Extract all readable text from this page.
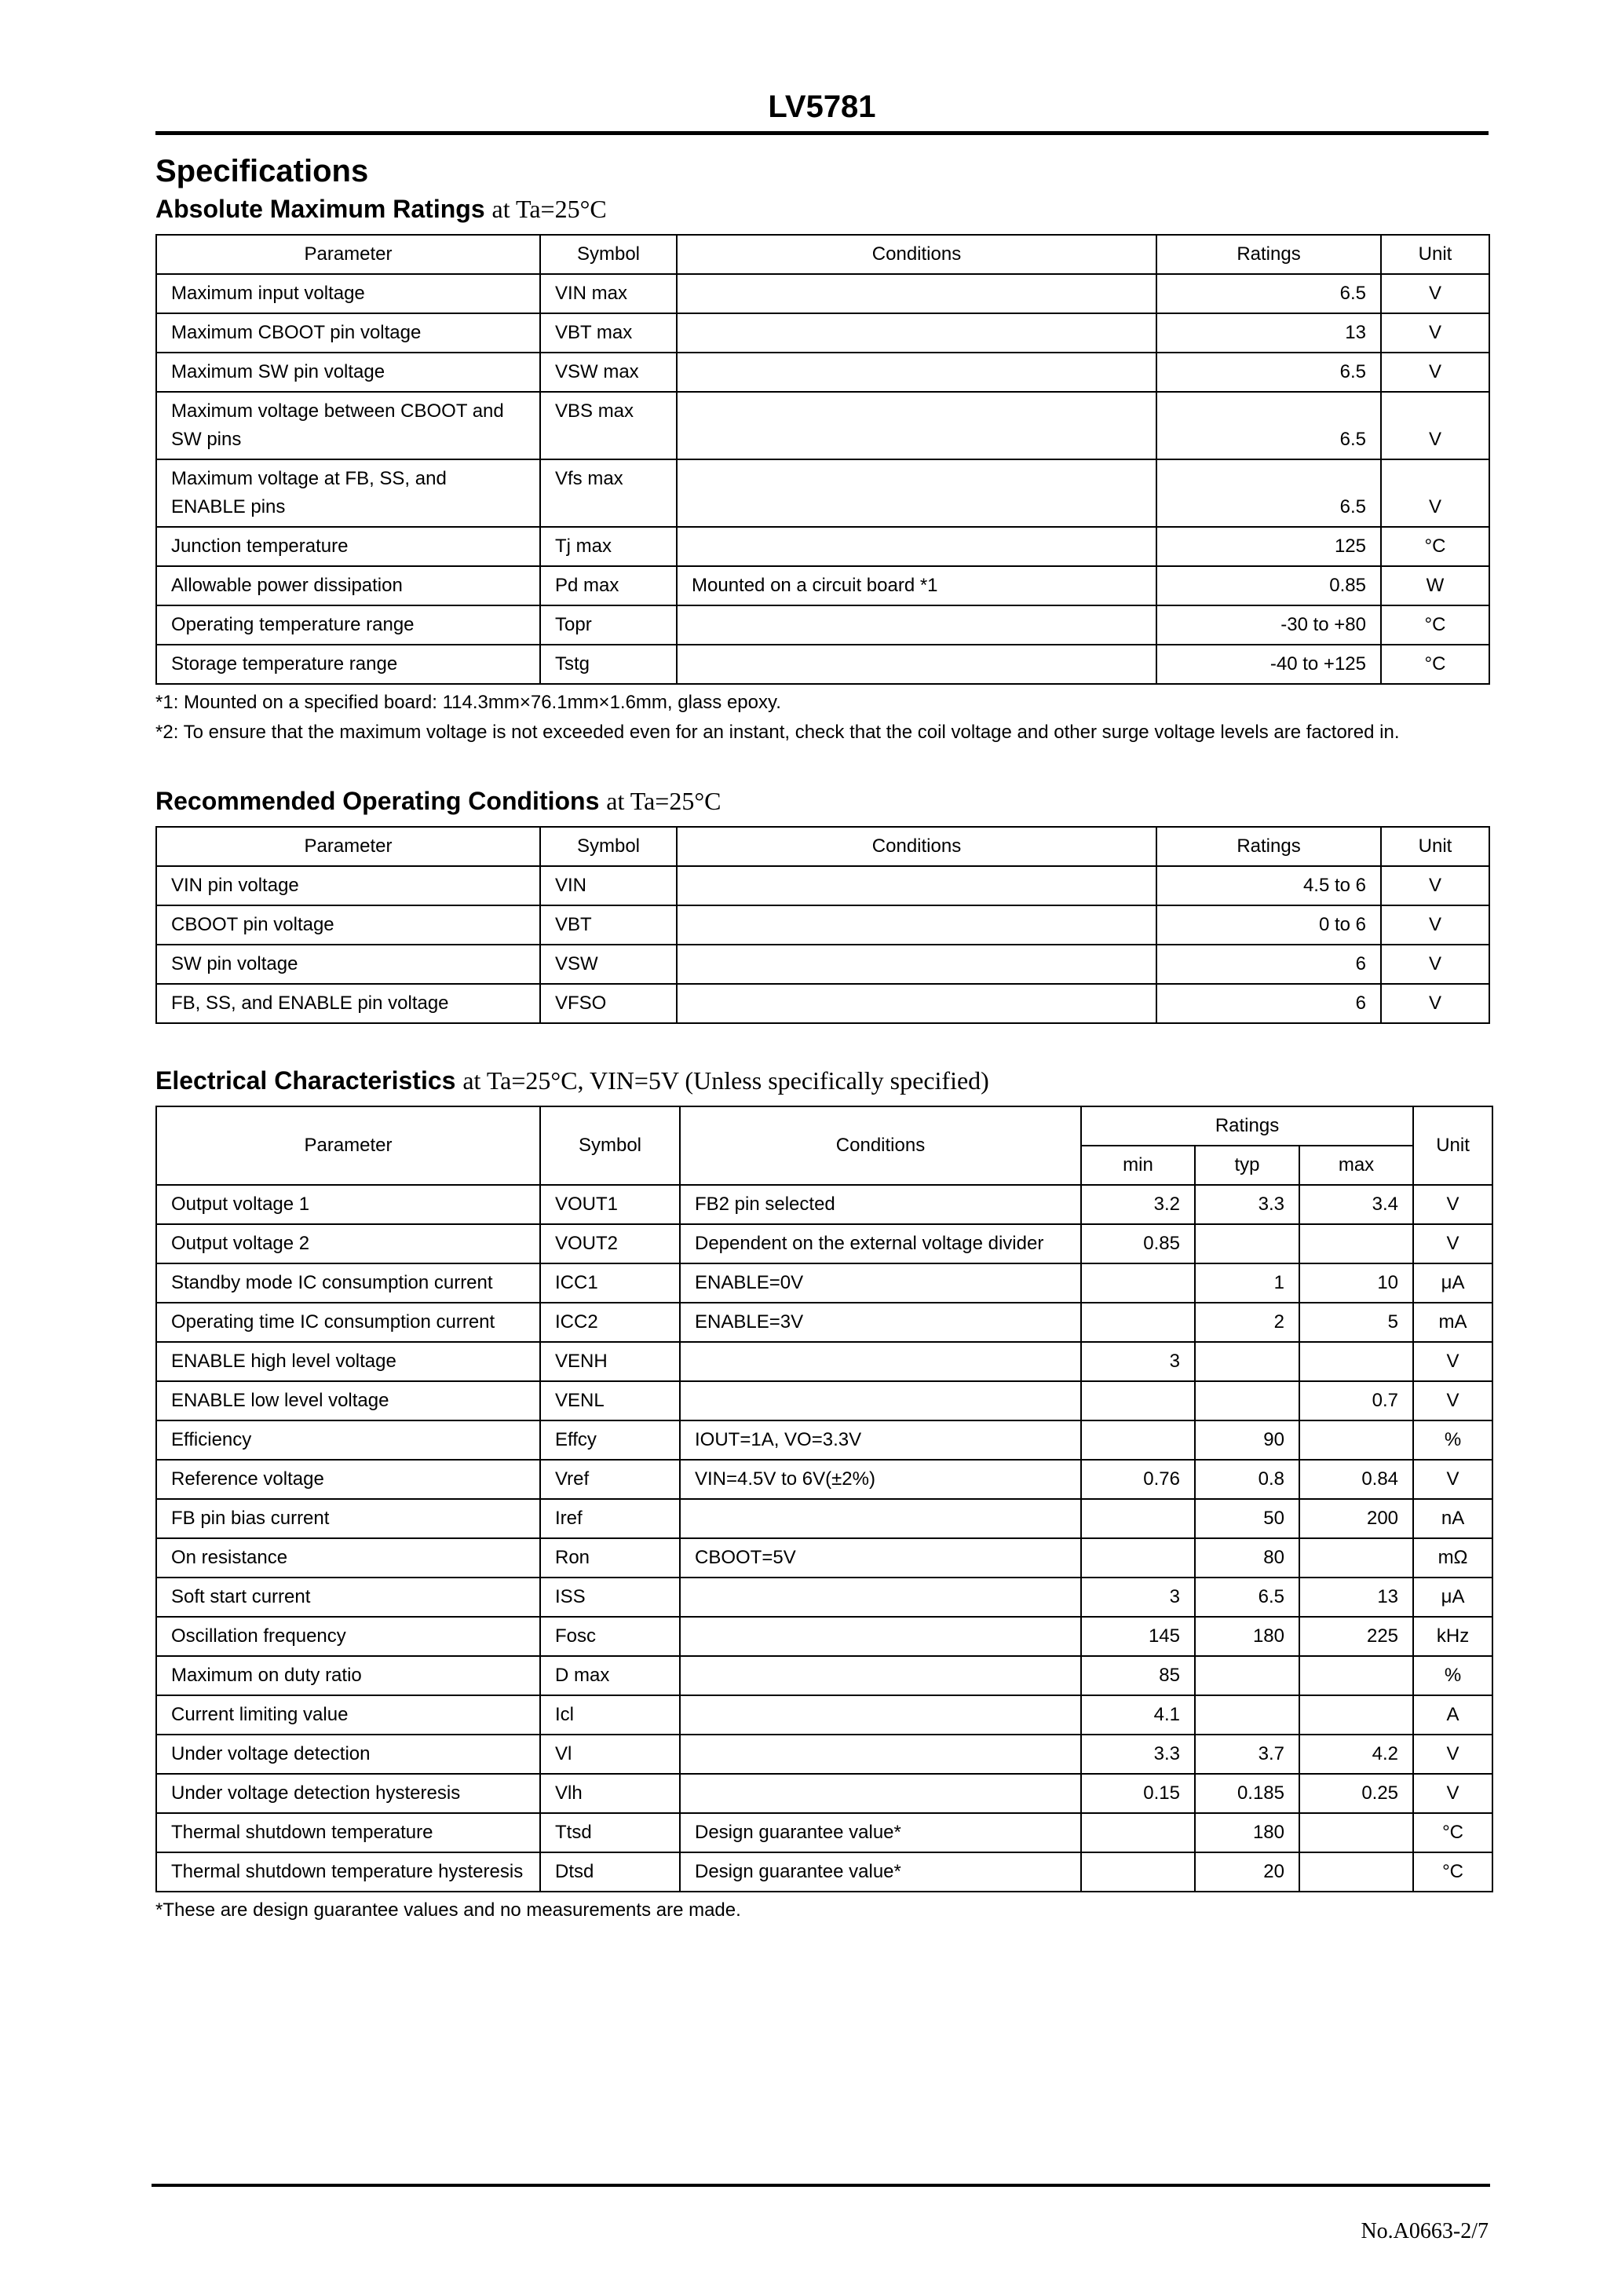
LV5781
Specifications
Absolute Maximum Ratings at Ta=25°C
Parameter	Symbol	Conditions	Ratings	Unit
Maximum input voltage	VIN max		6.5	V
Maximum CBOOT pin voltage	VBT max		13	V
Maximum SW pin voltage	VSW max		6.5	V
Maximum voltage between CBOOT and SW pins	VBS max		6.5	V
Maximum voltage at FB, SS, and ENABLE pins	Vfs max		6.5	V
Junction temperature	Tj max		125	°C
Allowable power dissipation	Pd max	Mounted on a circuit board *1	0.85	W
Operating temperature range	Topr		-30 to +80	°C
Storage temperature range	Tstg		-40 to +125	°C
*1: Mounted on a specified board: 114.3mm×76.1mm×1.6mm, glass epoxy.
*2: To ensure that the maximum voltage is not exceeded even for an instant, check that the coil voltage and other surge voltage levels are factored in.
Recommended Operating Conditions at Ta=25°C
Parameter	Symbol	Conditions	Ratings	Unit
VIN pin voltage	VIN		4.5 to 6	V
CBOOT pin voltage	VBT		0 to 6	V
SW pin voltage	VSW		6	V
FB, SS, and ENABLE pin voltage	VFSO		6	V
Electrical Characteristics at Ta=25°C, VIN=5V (Unless specifically specified)
Parameter	Symbol	Conditions	Ratings			Unit
			min	typ	max	
Output voltage 1	VOUT1	FB2 pin selected	3.2	3.3	3.4	V
Output voltage 2	VOUT2	Dependent on the external voltage divider	0.85			V
Standby mode IC consumption current	ICC1	ENABLE=0V		1	10	μA
Operating time IC consumption current	ICC2	ENABLE=3V		2	5	mA
ENABLE high level voltage	VENH		3			V
ENABLE low level voltage	VENL				0.7	V
Efficiency	Effcy	IOUT=1A, VO=3.3V		90		%
Reference voltage	Vref	VIN=4.5V to 6V(±2%)	0.76	0.8	0.84	V
FB pin bias current	Iref			50	200	nA
On resistance	Ron	CBOOT=5V		80		mΩ
Soft start current	ISS		3	6.5	13	μA
Oscillation frequency	Fosc		145	180	225	kHz
Maximum on duty ratio	D max		85			%
Current limiting value	Icl		4.1			A
Under voltage detection	Vl		3.3	3.7	4.2	V
Under voltage detection hysteresis	Vlh		0.15	0.185	0.25	V
Thermal shutdown temperature	Ttsd	Design guarantee value*		180		°C
Thermal shutdown temperature hysteresis	Dtsd	Design guarantee value*		20		°C
*These are design guarantee values and no measurements are made.
No.A0663-2/7
